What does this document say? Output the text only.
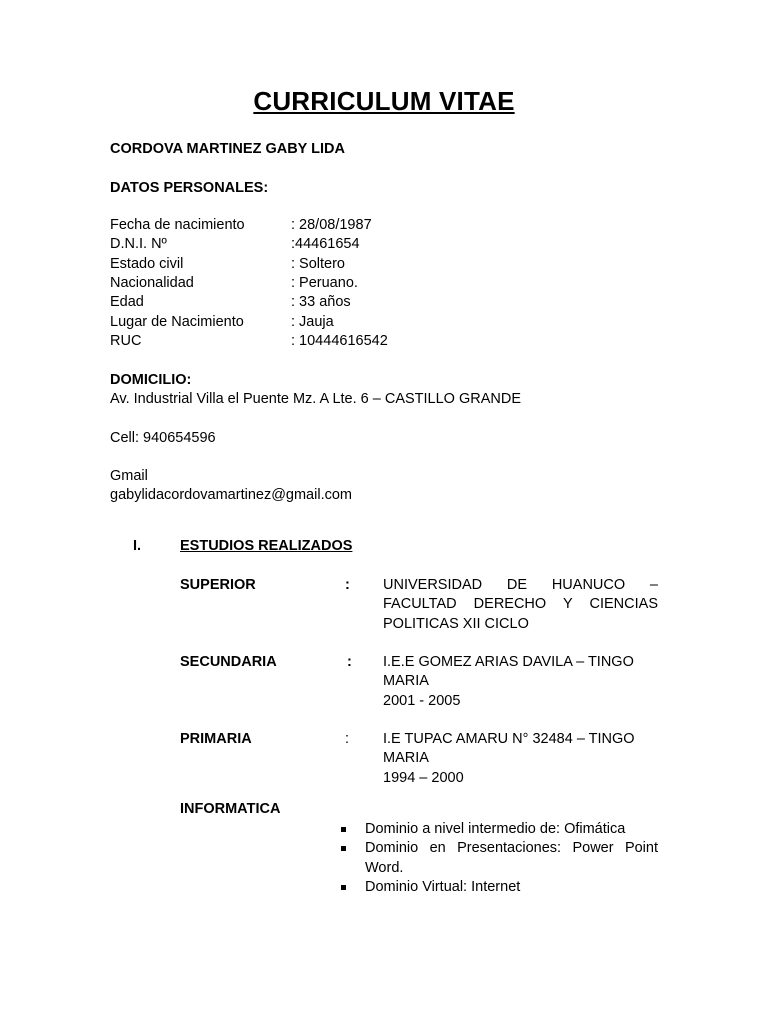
CURRICULUM VITAE
CORDOVA MARTINEZ GABY LIDA
DATOS PERSONALES:
Fecha de nacimiento	: 28/08/1987
D.N.I. Nº	:44461654
Estado civil	: Soltero
Nacionalidad	: Peruano.
Edad	: 33 años
Lugar de Nacimiento	: Jauja
RUC	: 10444616542
DOMICILIO:
Av. Industrial Villa el Puente Mz. A Lte. 6 – CASTILLO GRANDE
Cell: 940654596
Gmail
gabylidacordovamartinez@gmail.com
I.	ESTUDIOS REALIZADOS
SUPERIOR	: UNIVERSIDAD DE HUANUCO –
FACULTAD DERECHO Y CIENCIAS
POLITICAS XII CICLO
SECUNDARIA	: I.E.E GOMEZ ARIAS DAVILA – TINGO
MARIA
2001 - 2005
PRIMARIA	: I.E TUPAC AMARU N° 32484 – TINGO
MARIA
1994 – 2000
INFORMATICA
Dominio a nivel intermedio de: Ofimática
Dominio en Presentaciones: Power Point
Word.
Dominio Virtual: Internet
